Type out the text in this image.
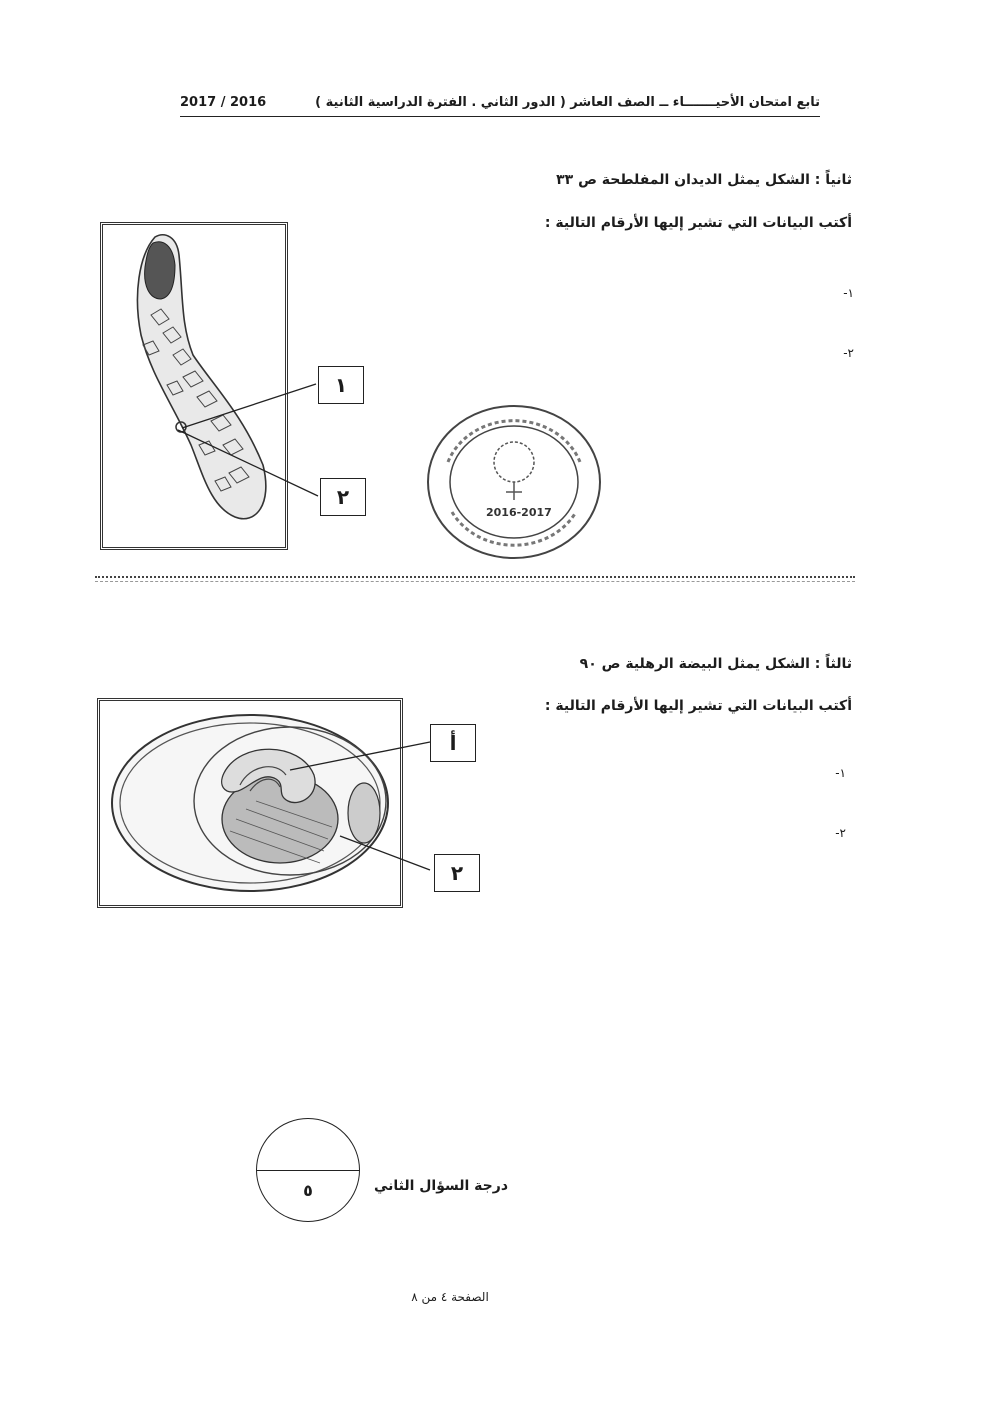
2017 / 2016	تابع امتحان الأحيـــــــاء ــ الصف العاشر ( الدور الثاني . الفترة الدراسية الثانية )
ثانياً : الشكل يمثل الديدان المفلطحة ص ٣٣
أكتب البيانات التي تشير إليها الأرقام التالية :
١-
٢-
١
٢
2016-2017
ثالثاً : الشكل يمثل البيضة الرهلية ص ٩٠
أكتب البيانات التي تشير إليها الأرقام التالية :
١-
٢-
أ
٢
٥	درجة السؤال الثاني
الصفحة ٤ من ٨
